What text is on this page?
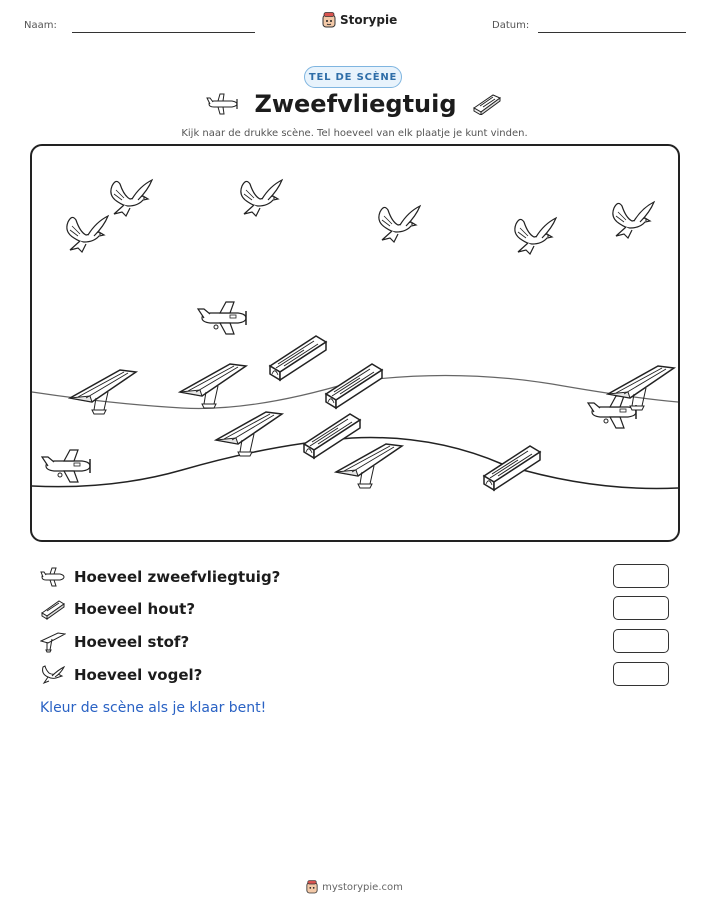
Naam:	Storypie	Datum:
TEL DE SCÈNE
Zweefvliegtuig
Kijk naar de drukke scène. Tel hoeveel van elk plaatje je kunt vinden.
Hoeveel zweefvliegtuig?
Hoeveel hout?
Hoeveel stof?
Hoeveel vogel?
Kleur de scène als je klaar bent!
mystorypie.com
